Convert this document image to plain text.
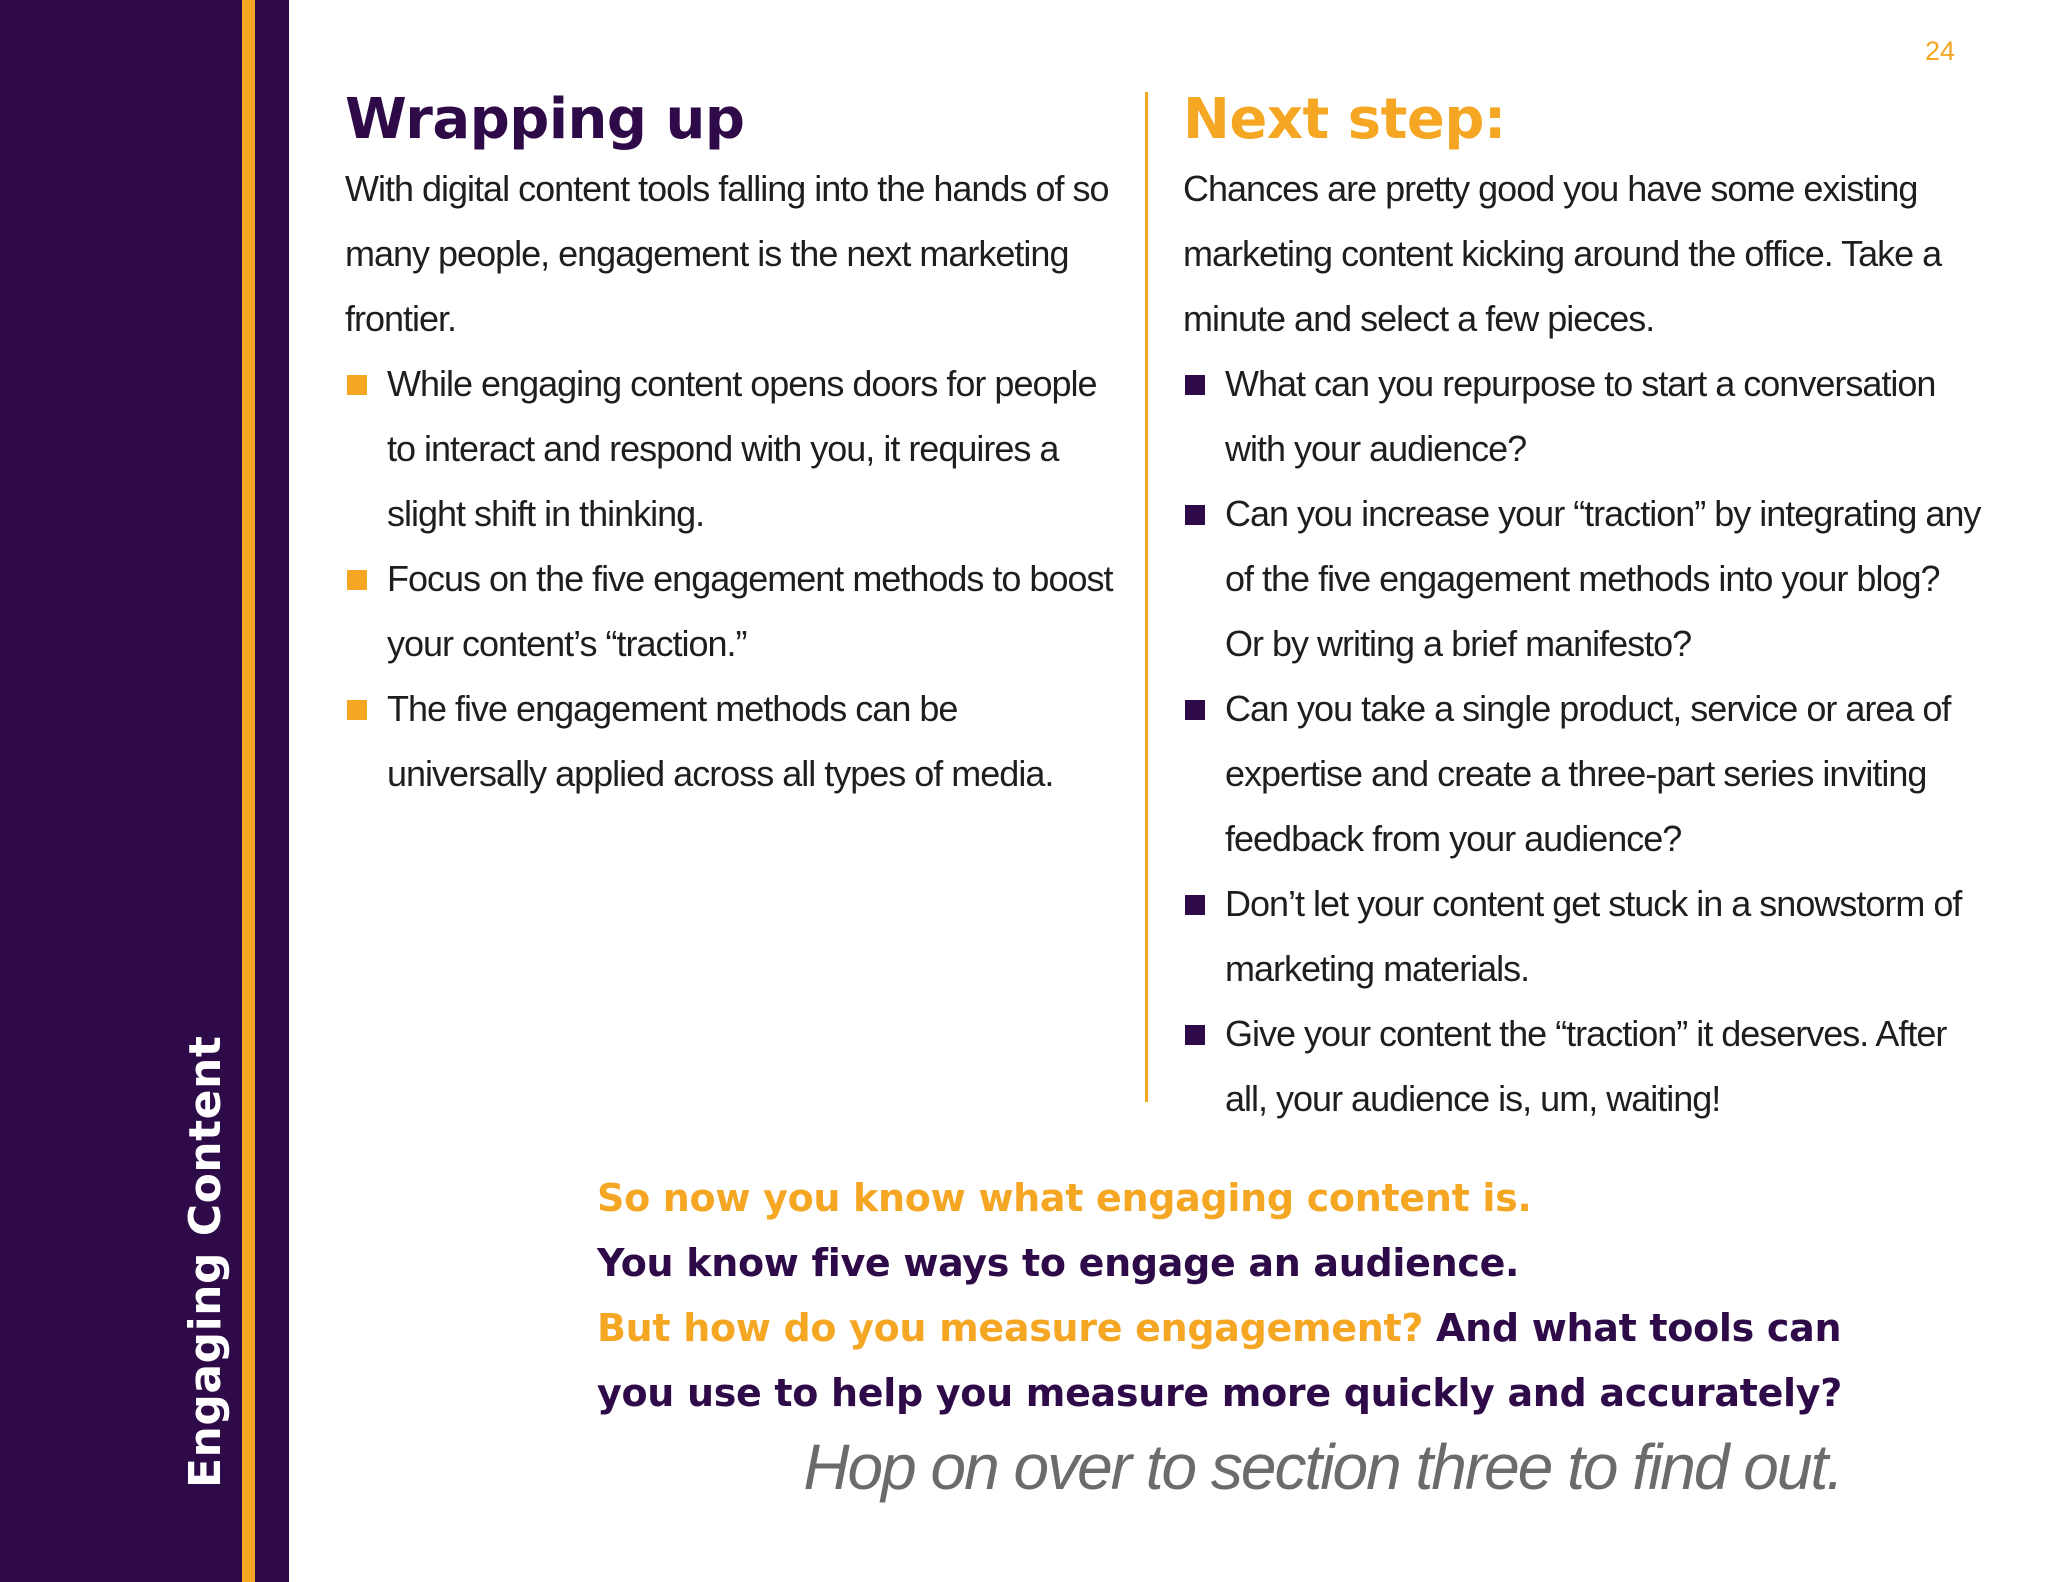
Engaging Content
24
Wrapping up

With digital content tools falling into the hands of so many people, engagement is the next marketing frontier.

While engaging content opens doors for people to interact and respond with you, it requires a slight shift in thinking.
Focus on the five engagement methods to boost your content’s “traction.”
The five engagement methods can be universally applied across all types of media.
Next step:

Chances are pretty good you have some existing marketing content kicking around the office. Take a minute and select a few pieces.

What can you repurpose to start a conversation with your audience?
Can you increase your “traction” by integrating any of the five engagement methods into your blog? Or by writing a brief manifesto?
Can you take a single product, service or area of expertise and create a three-part series inviting feedback from your audience?
Don’t let your content get stuck in a snowstorm of marketing materials.
Give your content the “traction” it deserves. After all, your audience is, um, waiting!
So now you know what engaging content is.
You know five ways to engage an audience.
But how do you measure engagement? And what tools can you use to help you measure more quickly and accurately?
Hop on over to section three to find out.
